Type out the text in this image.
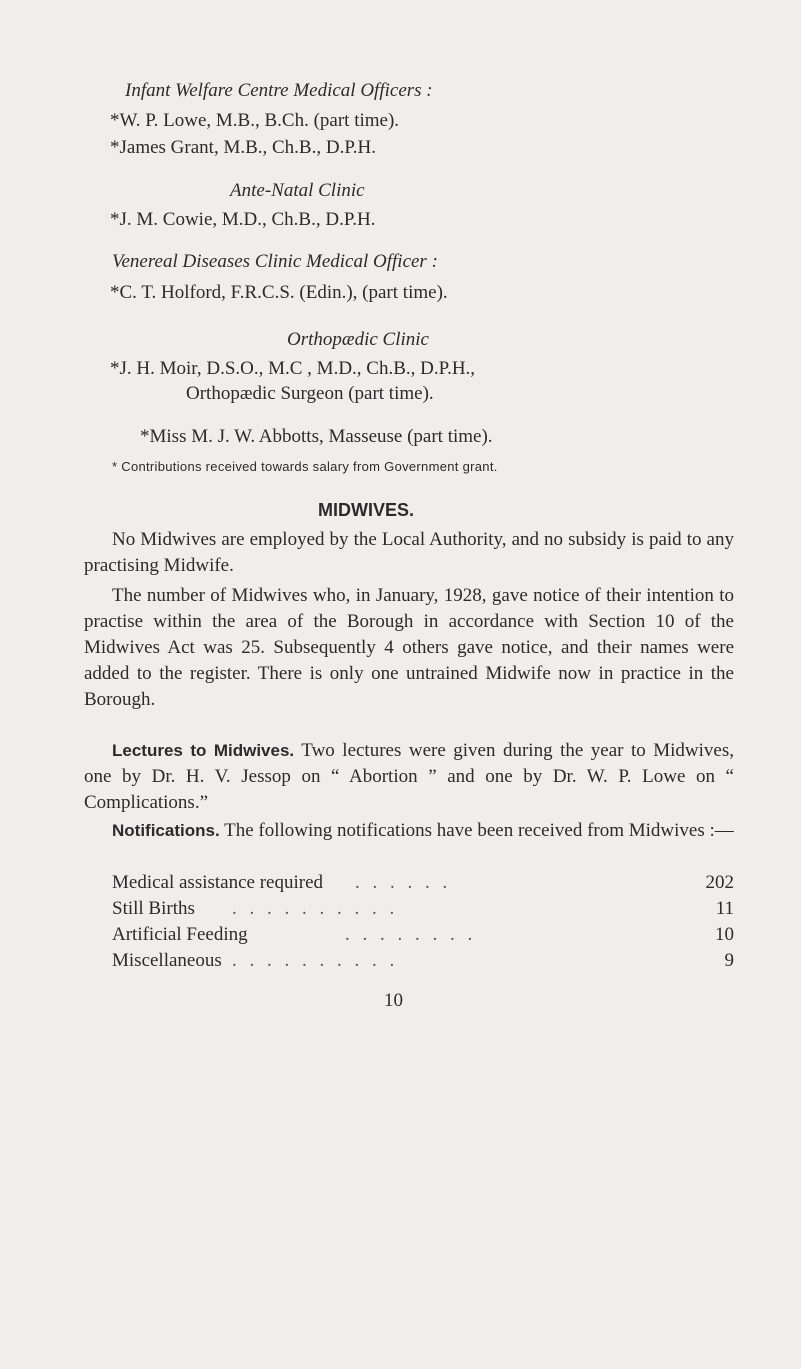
Infant Welfare Centre Medical Officers :
*W. P. Lowe, M.B., B.Ch. (part time).
*James Grant, M.B., Ch.B., D.P.H.
Ante-Natal Clinic
*J. M. Cowie, M.D., Ch.B., D.P.H.
Venereal Diseases Clinic Medical Officer :
*C. T. Holford, F.R.C.S. (Edin.), (part time).
Orthopædic Clinic
*J. H. Moir, D.S.O., M.C , M.D., Ch.B., D.P.H.,
Orthopædic Surgeon (part time).
*Miss M. J. W. Abbotts, Masseuse (part time).
* Contributions received towards salary from Government grant.
MIDWIVES.
No Midwives are employed by the Local Authority, and no subsidy is paid to any practising Midwife.
The number of Midwives who, in January, 1928, gave notice of their intention to practise within the area of the Borough in accordance with Section 10 of the Midwives Act was 25. Subsequently 4 others gave notice, and their names were added to the register. There is only one untrained Midwife now in practice in the Borough.
Lectures to Midwives. Two lectures were given during the year to Midwives, one by Dr. H. V. Jessop on “ Abortion ” and one by Dr. W. P. Lowe on “ Complications.”
Notifications. The following notifications have been received from Midwives :—
Medical assistance required . . . . . .	202
Still Births . . . . . . . . . .	11
Artificial Feeding	. . . . . . . .	10
Miscellaneous . . . . . . . . . .	9
10
